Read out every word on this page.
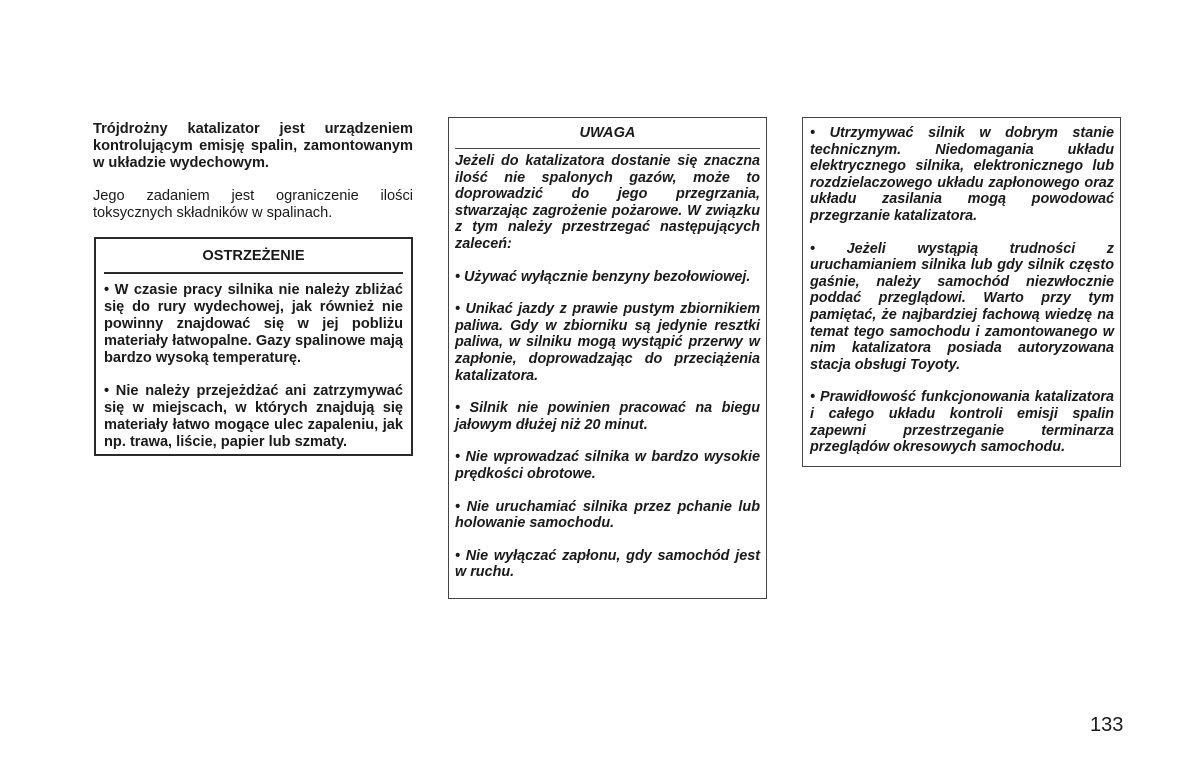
Trójdrożny katalizator jest urządzeniem kontrolującym emisję spalin, zamontowanym w układzie wydechowym.

Jego zadaniem jest ograniczenie ilości toksycznych składników w spalinach.

OSTRZEŻENIE

• W czasie pracy silnika nie należy zbliżać się do rury wydechowej, jak również nie powinny znajdować się w jej pobliżu materiały łatwopalne. Gazy spalinowe mają bardzo wysoką temperaturę.

• Nie należy przejeżdżać ani zatrzymywać się w miejscach, w których znajdują się materiały łatwo mogące ulec zapaleniu, jak np. trawa, liście, papier lub szmaty.

UWAGA

Jeżeli do katalizatora dostanie się znaczna ilość nie spalonych gazów, może to doprowadzić do jego przegrzania, stwarzając zagrożenie pożarowe. W związku z tym należy przestrzegać następujących zaleceń:

• Używać wyłącznie benzyny bezołowiowej.

• Unikać jazdy z prawie pustym zbiornikiem paliwa. Gdy w zbiorniku są jedynie resztki paliwa, w silniku mogą wystąpić przerwy w zapłonie, doprowadzając do przeciążenia katalizatora.

• Silnik nie powinien pracować na biegu jałowym dłużej niż 20 minut.

• Nie wprowadzać silnika w bardzo wysokie prędkości obrotowe.

• Nie uruchamiać silnika przez pchanie lub holowanie samochodu.

• Nie wyłączać zapłonu, gdy samochód jest w ruchu.

• Utrzymywać silnik w dobrym stanie technicznym. Niedomagania układu elektrycznego silnika, elektronicznego lub rozdzielaczowego układu zapłonowego oraz układu zasilania mogą powodować przegrzanie katalizatora.

• Jeżeli wystąpią trudności z uruchamianiem silnika lub gdy silnik często gaśnie, należy samochód niezwłocznie poddać przeglądowi. Warto przy tym pamiętać, że najbardziej fachową wiedzę na temat tego samochodu i zamontowanego w nim katalizatora posiada autoryzowana stacja obsługi Toyoty.

• Prawidłowość funkcjonowania katalizatora i całego układu kontroli emisji spalin zapewni przestrzeganie terminarza przeglądów okresowych samochodu.

133
